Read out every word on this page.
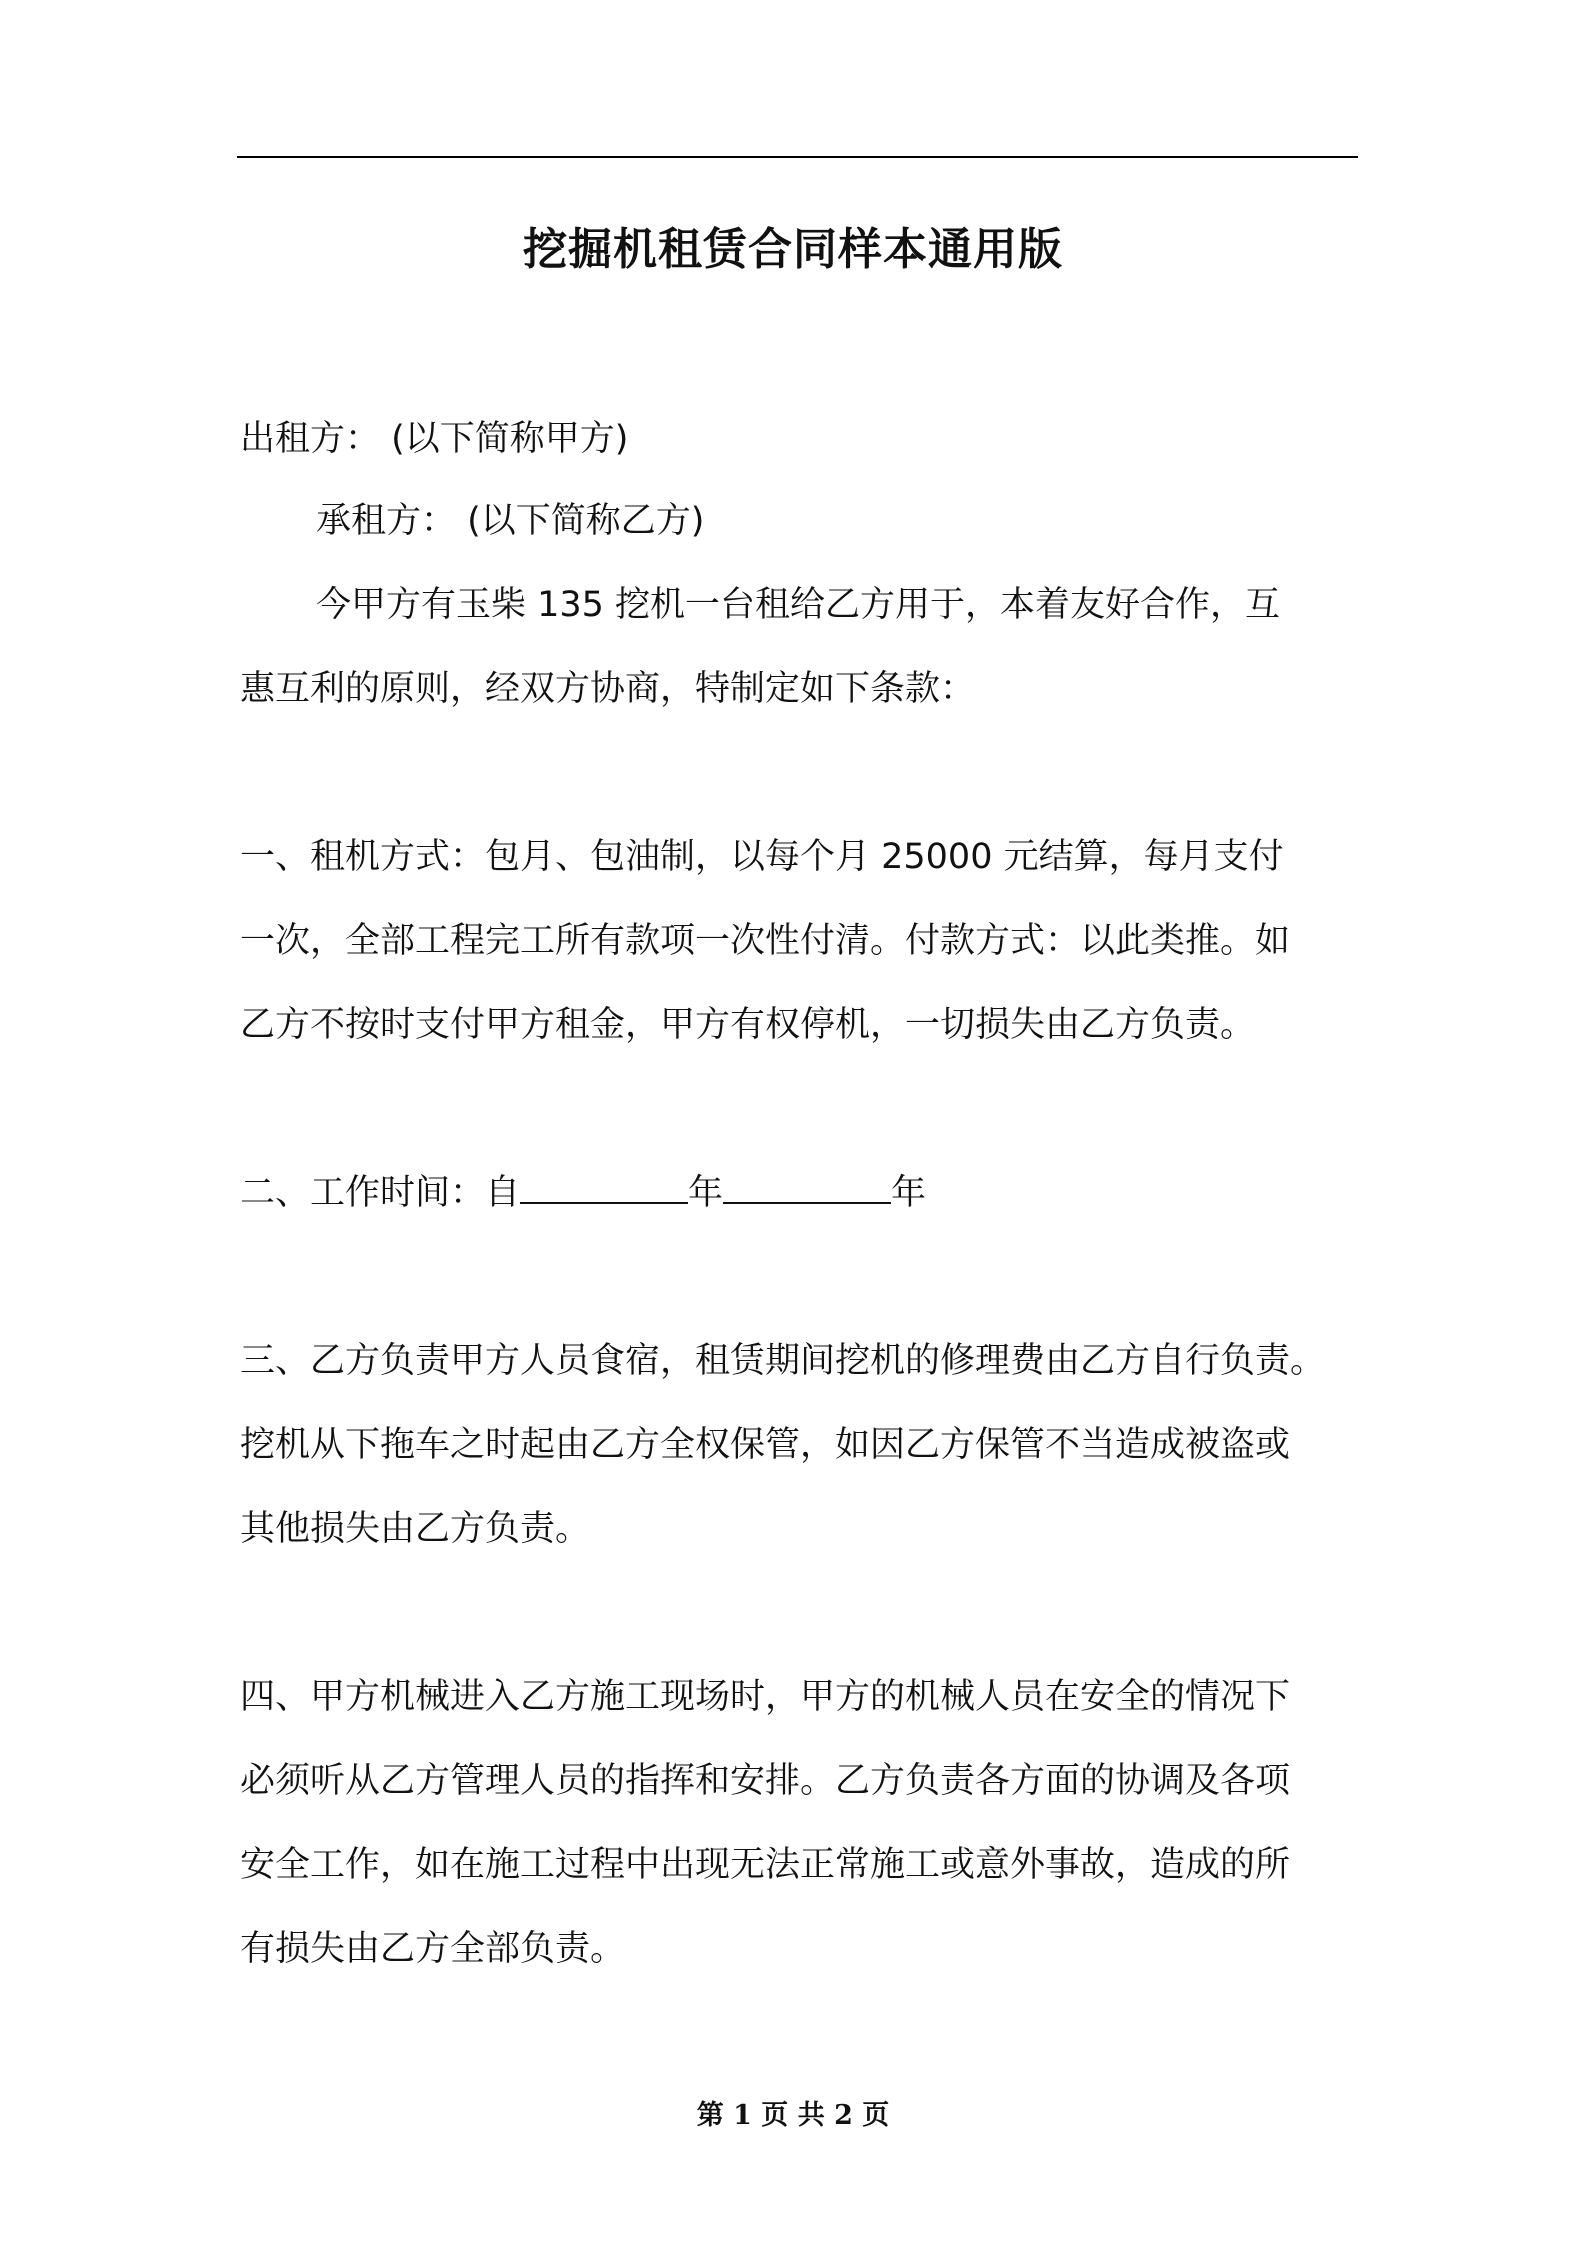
挖掘机租赁合同样本通用版
出租方： (以下简称甲方)
承租方： (以下简称乙方)
今甲方有玉柴 135 挖机一台租给乙方用于，本着友好合作，互
惠互利的原则，经双方协商，特制定如下条款：
一、租机方式：包月、包油制，以每个月 25000 元结算，每月支付
一次，全部工程完工所有款项一次性付清。付款方式：以此类推。如
乙方不按时支付甲方租金，甲方有权停机，一切损失由乙方负责。
二、工作时间：自	年	年
三、乙方负责甲方人员食宿，租赁期间挖机的修理费由乙方自行负责。
挖机从下拖车之时起由乙方全权保管，如因乙方保管不当造成被盗或
其他损失由乙方负责。
四、甲方机械进入乙方施工现场时，甲方的机械人员在安全的情况下
必须听从乙方管理人员的指挥和安排。乙方负责各方面的协调及各项
安全工作，如在施工过程中出现无法正常施工或意外事故，造成的所
有损失由乙方全部负责。
第 1 页 共 2 页
